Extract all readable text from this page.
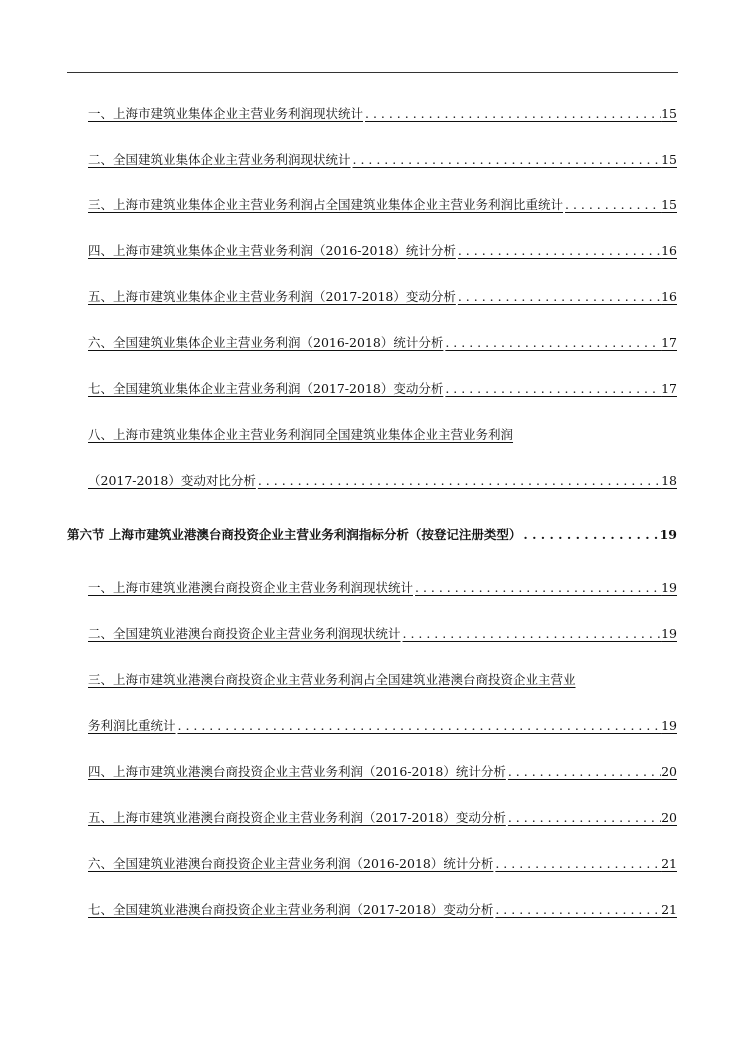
一、上海市建筑业集体企业主营业务利润现状统计 . . .	15
二、全国建筑业集体企业主营业务利润现状统计 . . .	15
三、上海市建筑业集体企业主营业务利润占全国建筑业集体企业主营业务利润比重统计 . . .	15
四、上海市建筑业集体企业主营业务利润（2016-2018）统计分析 . . .	16
五、上海市建筑业集体企业主营业务利润（2017-2018）变动分析 . . .	16
六、全国建筑业集体企业主营业务利润（2016-2018）统计分析 . . .	17
七、全国建筑业集体企业主营业务利润（2017-2018）变动分析 . . .	17
八、上海市建筑业集体企业主营业务利润同全国建筑业集体企业主营业务利润
（2017-2018）变动对比分析 . . .	18
第六节 上海市建筑业港澳台商投资企业主营业务利润指标分析（按登记注册类型） . . .	19
一、上海市建筑业港澳台商投资企业主营业务利润现状统计 . . .	19
二、全国建筑业港澳台商投资企业主营业务利润现状统计 . . .	19
三、上海市建筑业港澳台商投资企业主营业务利润占全国建筑业港澳台商投资企业主营业
务利润比重统计 . . .	19
四、上海市建筑业港澳台商投资企业主营业务利润（2016-2018）统计分析 . . .	20
五、上海市建筑业港澳台商投资企业主营业务利润（2017-2018）变动分析 . . .	20
六、全国建筑业港澳台商投资企业主营业务利润（2016-2018）统计分析 . . .	21
七、全国建筑业港澳台商投资企业主营业务利润（2017-2018）变动分析 . . .	21
